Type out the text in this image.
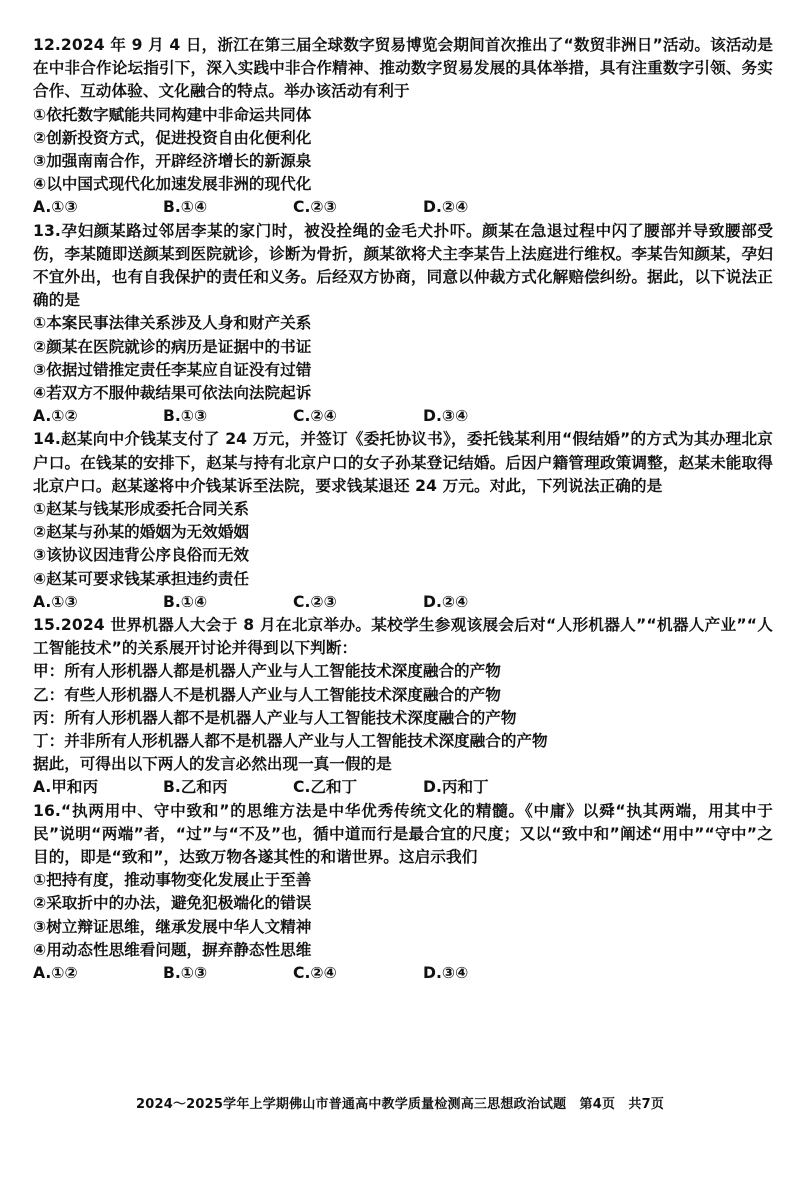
12.2024 年 9 月 4 日，浙江在第三届全球数字贸易博览会期间首次推出了“数贸非洲日”活动。该活动是在中非合作论坛指引下，深入实践中非合作精神、推动数字贸易发展的具体举措，具有注重数字引领、务实合作、互动体验、文化融合的特点。举办该活动有利于

①依托数字赋能共同构建中非命运共同体
②创新投资方式，促进投资自由化便利化
③加强南南合作，开辟经济增长的新源泉
④以中国式现代化加速发展非洲的现代化
A.①③	B.①④	C.②③	D.②④

13.孕妇颜某路过邻居李某的家门时，被没拴绳的金毛犬扑吓。颜某在急退过程中闪了腰部并导致腰部受伤，李某随即送颜某到医院就诊，诊断为骨折，颜某欲将犬主李某告上法庭进行维权。李某告知颜某，孕妇不宜外出，也有自我保护的责任和义务。后经双方协商，同意以仲裁方式化解赔偿纠纷。据此，以下说法正确的是

①本案民事法律关系涉及人身和财产关系
②颜某在医院就诊的病历是证据中的书证
③依据过错推定责任李某应自证没有过错
④若双方不服仲裁结果可依法向法院起诉
A.①②	B.①③	C.②④	D.③④

14.赵某向中介钱某支付了 24 万元，并签订《委托协议书》，委托钱某利用“假结婚”的方式为其办理北京户口。在钱某的安排下，赵某与持有北京户口的女子孙某登记结婚。后因户籍管理政策调整，赵某未能取得北京户口。赵某遂将中介钱某诉至法院，要求钱某退还 24 万元。对此，下列说法正确的是

①赵某与钱某形成委托合同关系
②赵某与孙某的婚姻为无效婚姻
③该协议因违背公序良俗而无效
④赵某可要求钱某承担违约责任
A.①③	B.①④	C.②③	D.②④

15.2024 世界机器人大会于 8 月在北京举办。某校学生参观该展会后对“人形机器人”“机器人产业”“人工智能技术”的关系展开讨论并得到以下判断：

甲：所有人形机器人都是机器人产业与人工智能技术深度融合的产物
乙：有些人形机器人不是机器人产业与人工智能技术深度融合的产物
丙：所有人形机器人都不是机器人产业与人工智能技术深度融合的产物
丁：并非所有人形机器人都不是机器人产业与人工智能技术深度融合的产物
据此，可得出以下两人的发言必然出现一真一假的是
A.甲和丙	B.乙和丙	C.乙和丁	D.丙和丁

16.“执两用中、守中致和”的思维方法是中华优秀传统文化的精髓。《中庸》以舜“执其两端，用其中于民”说明“两端”者，“过”与“不及”也，循中道而行是最合宜的尺度；又以“致中和”阐述“用中”“守中”之目的，即是“致和”，达致万物各遂其性的和谐世界。这启示我们

①把持有度，推动事物变化发展止于至善
②采取折中的办法，避免犯极端化的错误
③树立辩证思维，继承发展中华人文精神
④用动态性思维看问题，摒弃静态性思维
A.①②	B.①③	C.②④	D.③④
2024～2025学年上学期佛山市普通高中教学质量检测高三思想政治试题　第4页　共7页
